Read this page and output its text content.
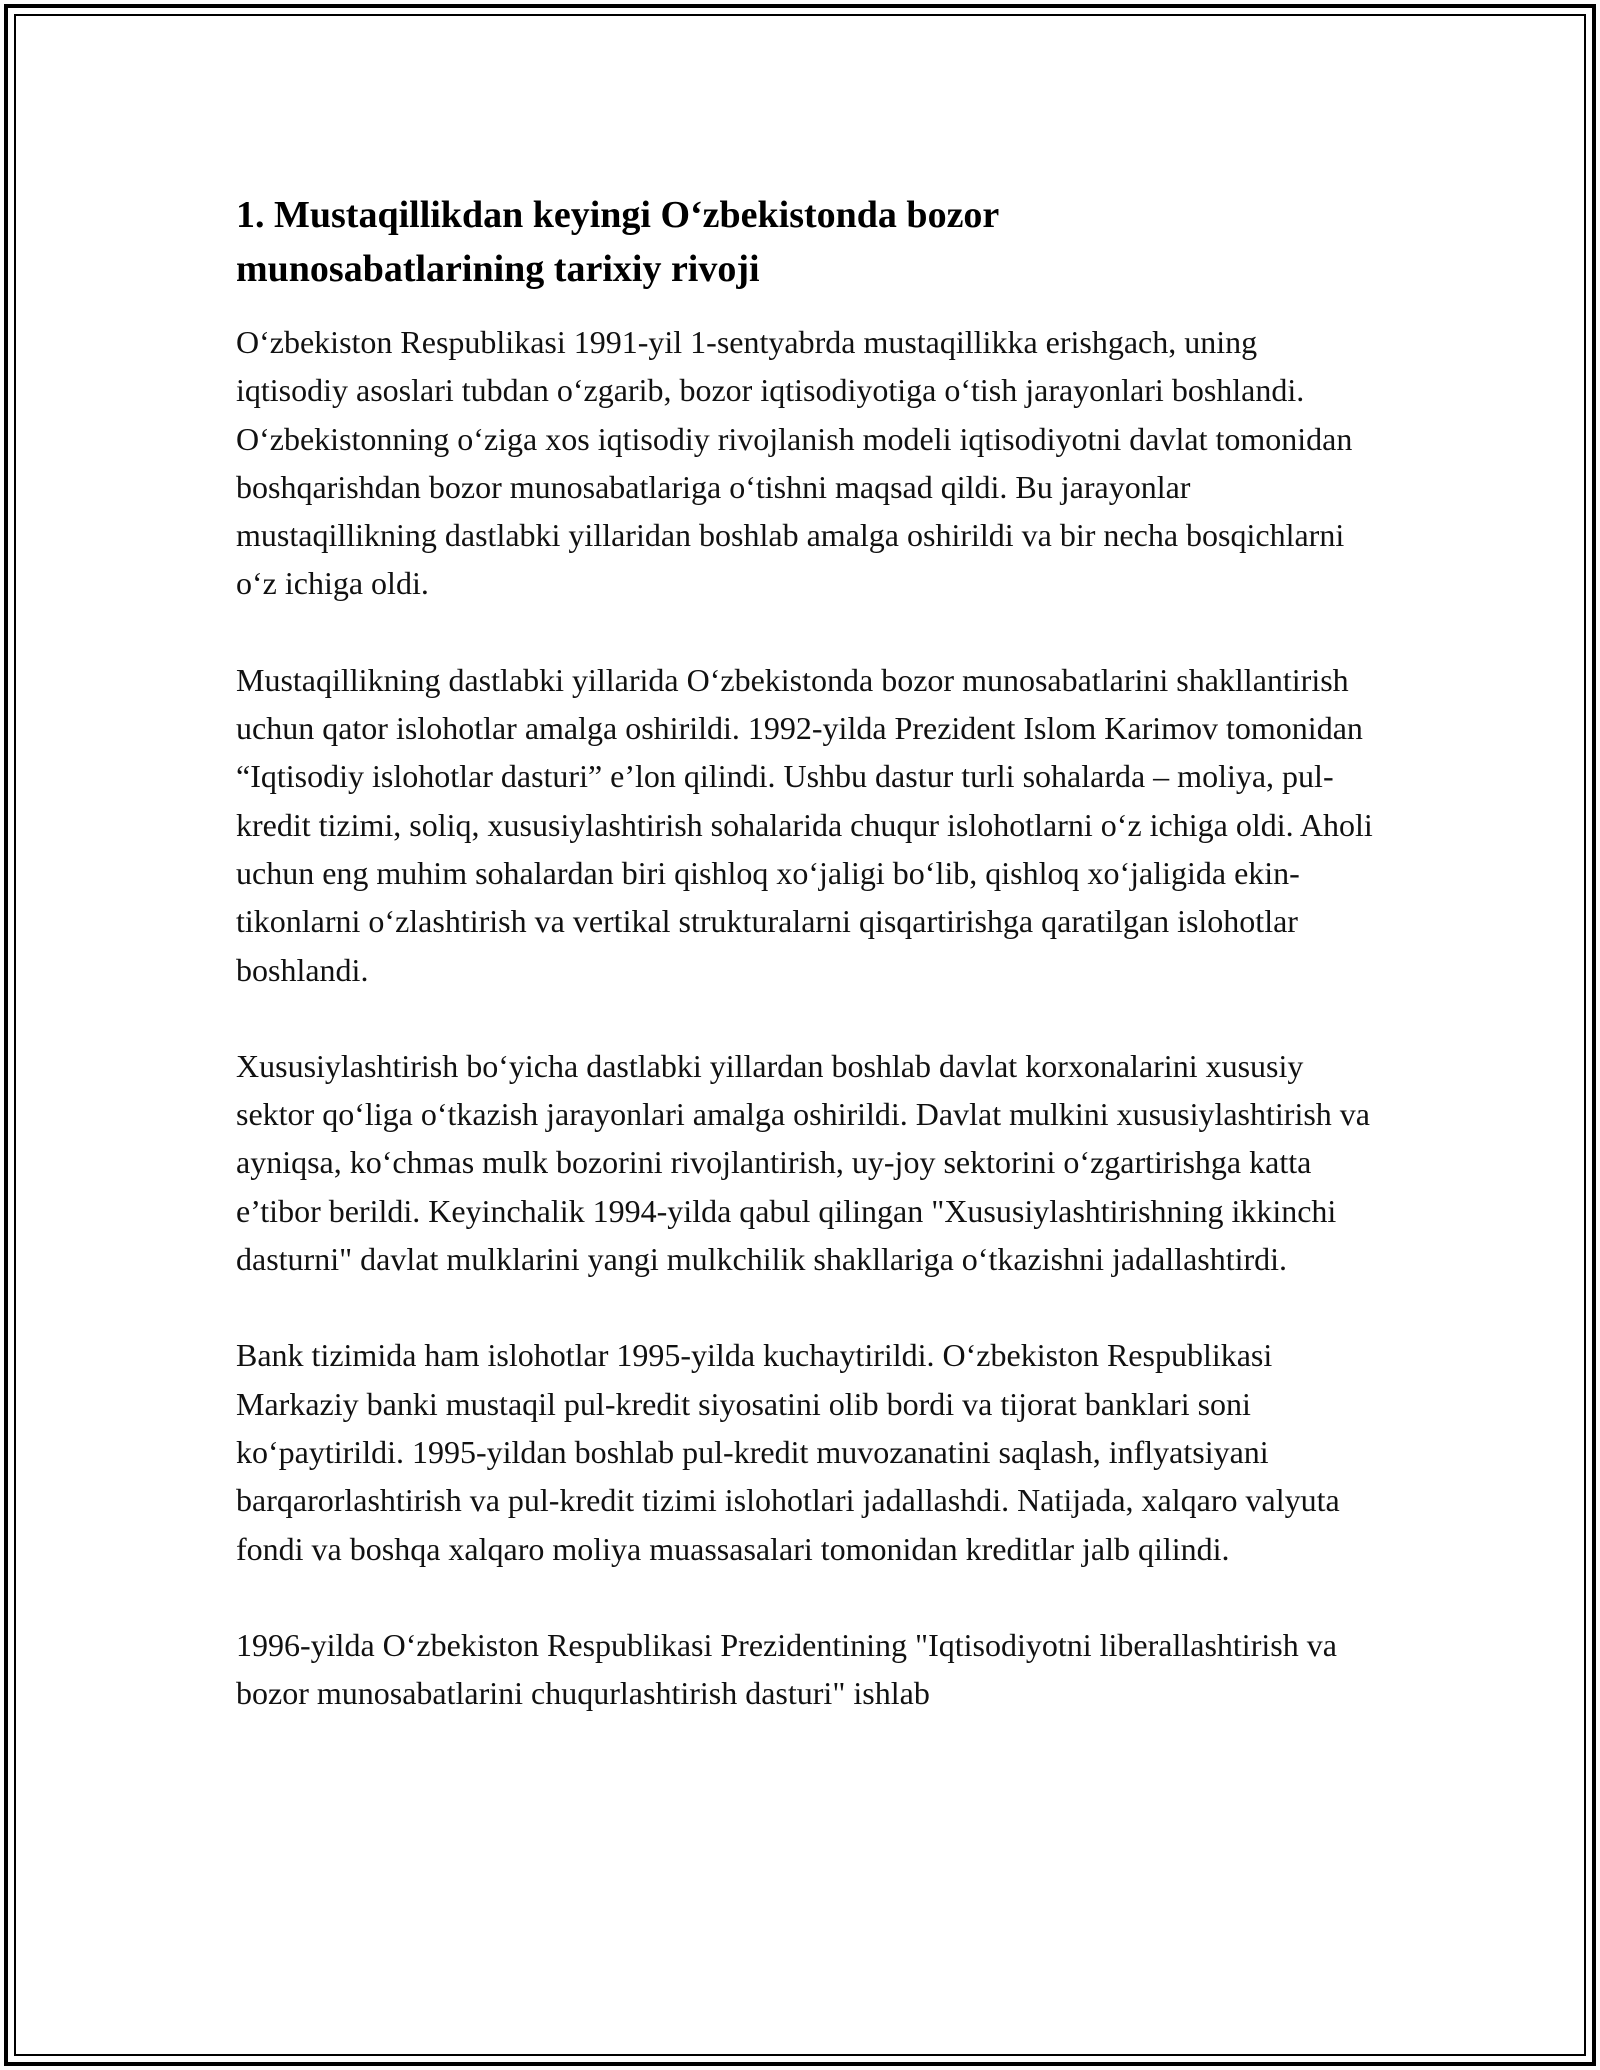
1. Mustaqillikdan keyingi O‘zbekistonda bozor
munosabatlarining tarixiy rivoji

O‘zbekiston Respublikasi 1991-yil 1-sentyabrda mustaqillikka erishgach, uning iqtisodiy asoslari tubdan o‘zgarib, bozor iqtisodiyotiga o‘tish jarayonlari boshlandi. O‘zbekistonning o‘ziga xos iqtisodiy rivojlanish modeli iqtisodiyotni davlat tomonidan boshqarishdan bozor munosabatlariga o‘tishni maqsad qildi. Bu jarayonlar mustaqillikning dastlabki yillaridan boshlab amalga oshirildi va bir necha bosqichlarni o‘z ichiga oldi.

Mustaqillikning dastlabki yillarida O‘zbekistonda bozor munosabatlarini shakllantirish uchun qator islohotlar amalga oshirildi. 1992-yilda Prezident Islom Karimov tomonidan “Iqtisodiy islohotlar dasturi” e’lon qilindi. Ushbu dastur turli sohalarda – moliya, pul-kredit tizimi, soliq, xususiylashtirish sohalarida chuqur islohotlarni o‘z ichiga oldi. Aholi uchun eng muhim sohalardan biri qishloq xo‘jaligi bo‘lib, qishloq xo‘jaligida ekin-tikonlarni o‘zlashtirish va vertikal strukturalarni qisqartirishga qaratilgan islohotlar boshlandi.

Xususiylashtirish bo‘yicha dastlabki yillardan boshlab davlat korxonalarini xususiy sektor qo‘liga o‘tkazish jarayonlari amalga oshirildi. Davlat mulkini xususiylashtirish va ayniqsa, ko‘chmas mulk bozorini rivojlantirish, uy-joy sektorini o‘zgartirishga katta e’tibor berildi. Keyinchalik 1994-yilda qabul qilingan "Xususiylashtirishning ikkinchi dasturni" davlat mulklarini yangi mulkchilik shakllariga o‘tkazishni jadallashtirdi.

Bank tizimida ham islohotlar 1995-yilda kuchaytirildi. O‘zbekiston Respublikasi Markaziy banki mustaqil pul-kredit siyosatini olib bordi va tijorat banklari soni ko‘paytirildi. 1995-yildan boshlab pul-kredit muvozanatini saqlash, inflyatsiyani barqarorlashtirish va pul-kredit tizimi islohotlari jadallashdi. Natijada, xalqaro valyuta fondi va boshqa xalqaro moliya muassasalari tomonidan kreditlar jalb qilindi.

1996-yilda O‘zbekiston Respublikasi Prezidentining "Iqtisodiyotni liberallashtirish va bozor munosabatlarini chuqurlashtirish dasturi" ishlab
